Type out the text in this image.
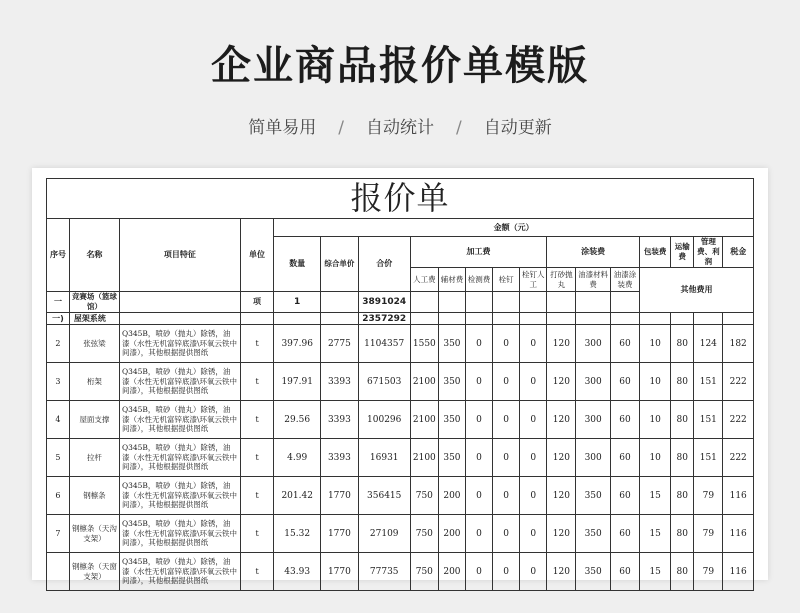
企业商品报价单模版
简单易用 / 自动统计 / 自动更新
报价单																		
序号	名称	项目特征	单位	金额（元）														
				数量	综合单价	合价	加工费					涂装费			包装费	运输费	管理费、利润	税金
							人工费	辅材费	检测费	栓钉	栓钉人工	打砂抛丸	油漆材料费	油漆涂装费	其他费用			
一	竞赛场（篮球馆）		项	1		3891024												
一)	屋架系统					2357292												
2	张弦梁	Q345B，喷砂（抛丸）除锈，油漆（水性无机富锌底漆\环氧云铁中间漆），其他根据提供图纸	t	397.96	2775	1104357	1550	350	0	0	0	120	300	60	10	80	124	182
3	桁架	Q345B，喷砂（抛丸）除锈，油漆（水性无机富锌底漆\环氧云铁中间漆），其他根据提供图纸	t	197.91	3393	671503	2100	350	0	0	0	120	300	60	10	80	151	222
4	屋面支撑	Q345B，喷砂（抛丸）除锈，油漆（水性无机富锌底漆\环氧云铁中间漆），其他根据提供图纸	t	29.56	3393	100296	2100	350	0	0	0	120	300	60	10	80	151	222
5	拉杆	Q345B，喷砂（抛丸）除锈，油漆（水性无机富锌底漆\环氧云铁中间漆），其他根据提供图纸	t	4.99	3393	16931	2100	350	0	0	0	120	300	60	10	80	151	222
6	钢檩条	Q345B，喷砂（抛丸）除锈，油漆（水性无机富锌底漆\环氧云铁中间漆），其他根据提供图纸	t	201.42	1770	356415	750	200	0	0	0	120	350	60	15	80	79	116
7	钢檩条（天沟支架）	Q345B，喷砂（抛丸）除锈，油漆（水性无机富锌底漆\环氧云铁中间漆），其他根据提供图纸	t	15.32	1770	27109	750	200	0	0	0	120	350	60	15	80	79	116
	钢檩条（天窗支架）	Q345B，喷砂（抛丸）除锈，油漆（水性无机富锌底漆\环氧云铁中间漆），其他根据提供图纸	t	43.93	1770	77735	750	200	0	0	0	120	350	60	15	80	79	116
